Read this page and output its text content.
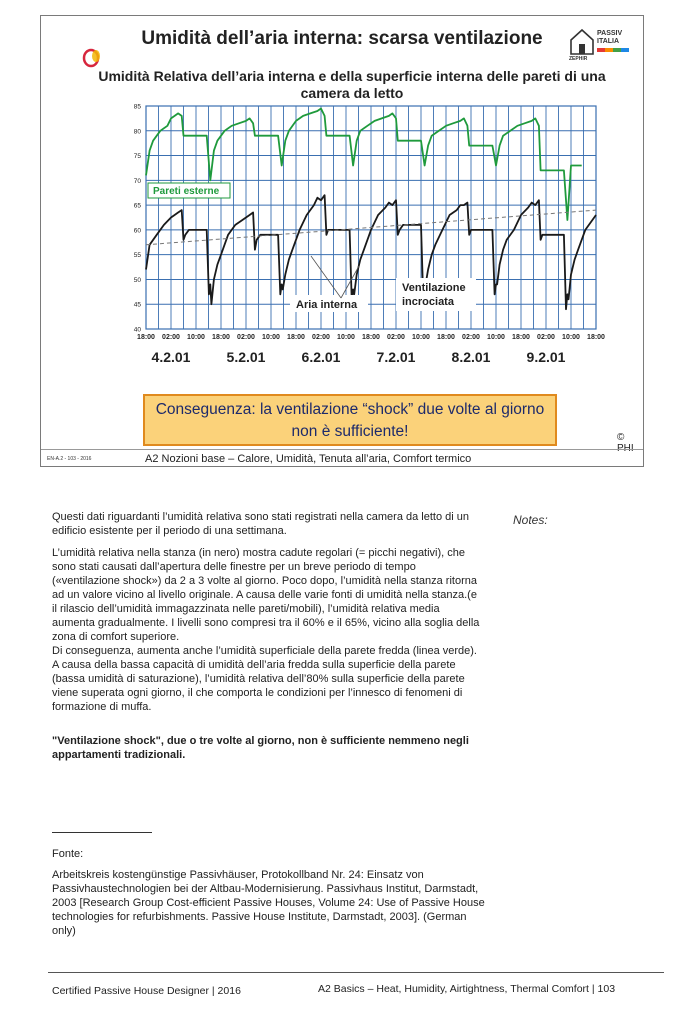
Umidità dell’aria interna: scarsa ventilazione	PASSIV
ITALIA
ZEPHIR
Umidità Relativa dell’aria interna e della superficie interna delle pareti di una camera da letto
40
45
50
55
60
65
70
75
80
85
18:00 02:00 10:00 18:00 02:00 10:00 18:00 02:00 10:00 18:00 02:00 10:00 18:00 02:00 10:00 18:00 02:00 10:00 18:00
4.2.01	5.2.01	6.2.01	7.2.01	8.2.01	9.2.01
Pareti esterne
Aria interna
Ventilazione
incrociata
Conseguenza: la ventilazione “shock” due volte al giorno non è sufficiente!	©
EN-A.2 - 103 - 2016	A2 Nozioni base – Calore, Umidità, Tenuta all’aria, Comfort termico

Questi dati riguardanti l’umidità relativa sono stati registrati nella camera da letto di un edificio esistente per il periodo di una settimana.

L’umidità relativa nella stanza (in nero) mostra cadute regolari (= picchi negativi), che sono stati causati dall’apertura delle finestre per un breve periodo di tempo («ventilazione shock») da 2 a 3 volte al giorno. Poco dopo, l’umidità nella stanza ritorna ad un valore vicino al livello originale. A causa delle varie fonti di umidità nella stanza.(e il rilascio dell’umidità immagazzinata nelle pareti/mobili), l’umidità relativa media aumenta gradualmente. I livelli sono compresi tra il 60% e il 65%, vicino alla soglia della zona di comfort superiore.

Di conseguenza, aumenta anche l’umidità superficiale della parete fredda (linea verde). A causa della bassa capacità di umidità dell’aria fredda sulla superficie della parete (bassa umidità di saturazione), l’umidità relativa dell’80% sulla superficie della parete viene superata ogni giorno, il che comporta le condizioni per l’innesco di fenomeni di formazione di muffa.

"Ventilazione shock", due o tre volte al giorno, non è sufficiente nemmeno negli appartamenti tradizionali.

Notes:
Fonte:
Arbeitskreis kostengünstige Passivhäuser, Protokollband Nr. 24: Einsatz von Passivhaustechnologien bei der Altbau-Modernisierung. Passivhaus Institut, Darmstadt, 2003 [Research Group Cost-efficient Passive Houses, Volume 24: Use of Passive House technologies for refurbishments. Passive House Institute, Darmstadt, 2003]. (German only)
Certified Passive House Designer | 2016	A2 Basics – Heat, Humidity, Airtightness, Thermal Comfort | 103
